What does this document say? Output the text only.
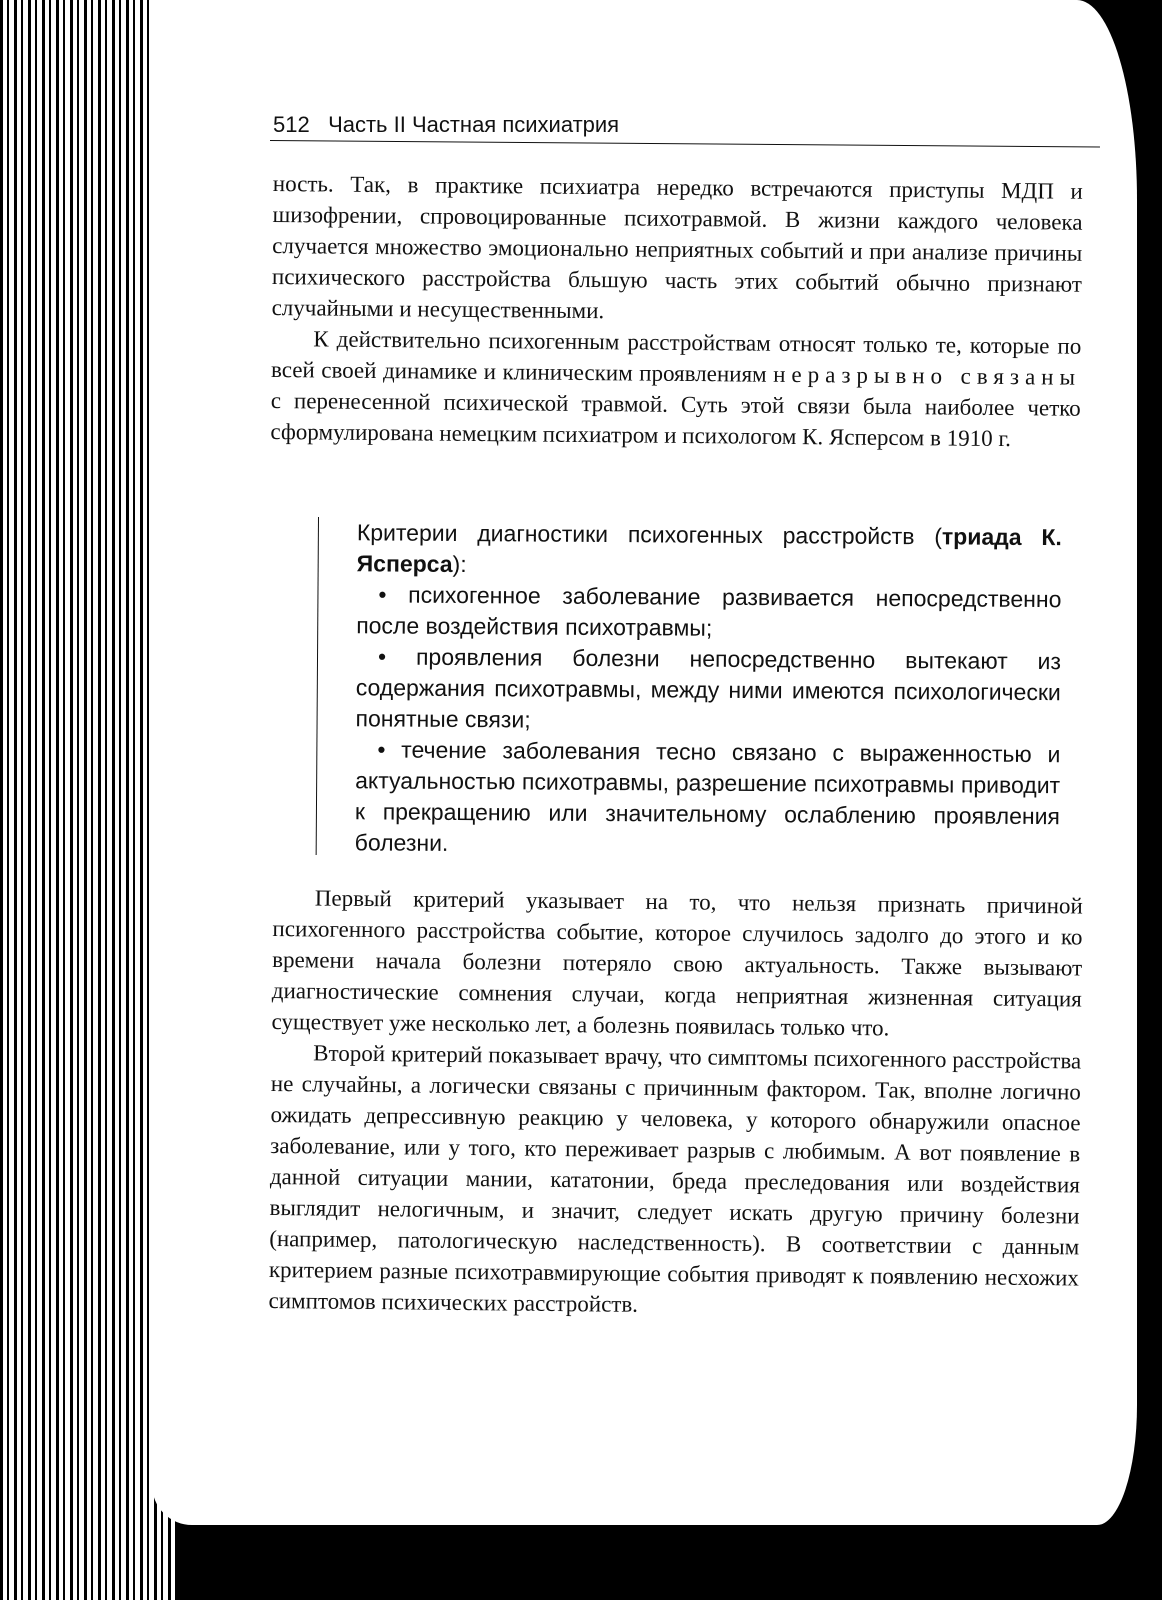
512 Часть II Частная психиатрия

ность. Так, в практике психиатра нередко встречаются приступы МДП и шизофрении, спровоцированные психотравмой. В жизни каждого человека случается множество эмоционально неприятных событий и при анализе причины психического расстройства бльшую часть этих событий обычно признают случайными и несущественными.

К действительно психогенным расстройствам относят только те, которые по всей своей динамике и клиническим проявлениям неразрывно связаны с перенесенной психической травмой. Суть этой связи была наиболее четко сформулирована немецким психиатром и психологом К. Ясперсом в 1910 г.

Критерии диагностики психогенных расстройств (триада К. Ясперса):

• психогенное заболевание развивается непосредственно после воздействия психотравмы;

• проявления болезни непосредственно вытекают из содержания психотравмы, между ними имеются психологически понятные связи;

• течение заболевания тесно связано с выраженностью и актуальностью психотравмы, разрешение психотравмы приводит к прекращению или значительному ослаблению проявления болезни.

Первый критерий указывает на то, что нельзя признать причиной психогенного расстройства событие, которое случилось задолго до этого и ко времени начала болезни потеряло свою актуальность. Также вызывают диагностические сомнения случаи, когда неприятная жизненная ситуация существует уже несколько лет, а болезнь появилась только что.

Второй критерий показывает врачу, что симптомы психогенного расстройства не случайны, а логически связаны с причинным фактором. Так, вполне логично ожидать депрессивную реакцию у человека, у которого обнаружили опасное заболевание, или у того, кто переживает разрыв с любимым. А вот появление в данной ситуации мании, кататонии, бреда преследования или воздействия выглядит нелогичным, и значит, следует искать другую причину болезни (например, патологическую наследственность). В соответствии с данным критерием разные психотравмирующие события приводят к появлению несхожих симптомов психических расстройств.
